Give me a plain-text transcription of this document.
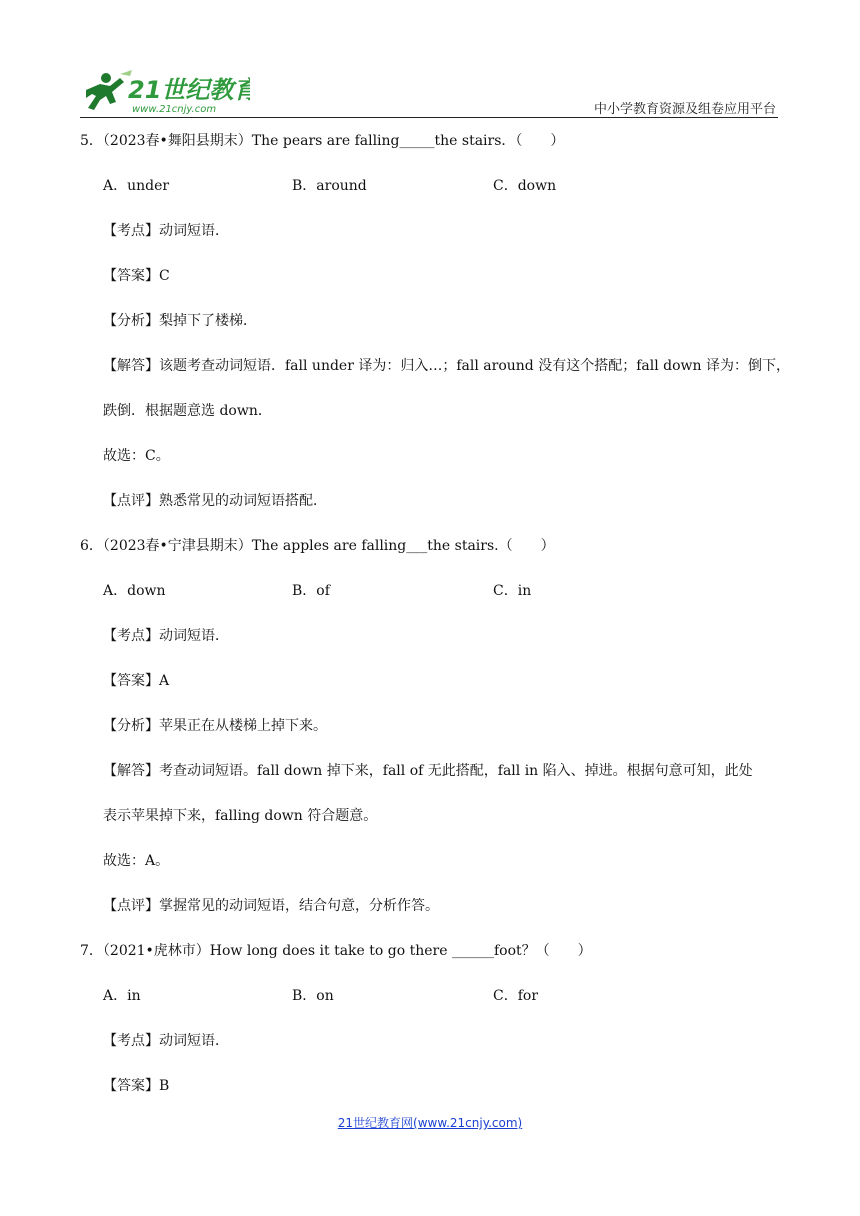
21世纪教育
www.21cnjy.com	中小学教育资源及组卷应用平台
5．（2023春•舞阳县期末）The pears are falling_____the stairs．（　　）
A．under	B．around	C．down
【考点】动词短语．
【答案】C
【分析】梨掉下了楼梯．
【解答】该题考查动词短语．fall under 译为：归入…；fall around 没有这个搭配；fall down 译为：倒下，
跌倒．根据题意选 down．
故选：C。
【点评】熟悉常见的动词短语搭配．
6．（2023春•宁津县期末）The apples are falling___the stairs.（　　）
A．down	B．of	C．in
【考点】动词短语．
【答案】A
【分析】苹果正在从楼梯上掉下来。
【解答】考查动词短语。fall down 掉下来，fall of 无此搭配，fall in 陷入、掉进。根据句意可知，此处
表示苹果掉下来，falling down 符合题意。
故选：A。
【点评】掌握常见的动词短语，结合句意，分析作答。
7．（2021•虎林市）How long does it take to go there ______foot？（　　）
A．in	B．on	C．for
【考点】动词短语．
【答案】B
21世纪教育网(www.21cnjy.com)
